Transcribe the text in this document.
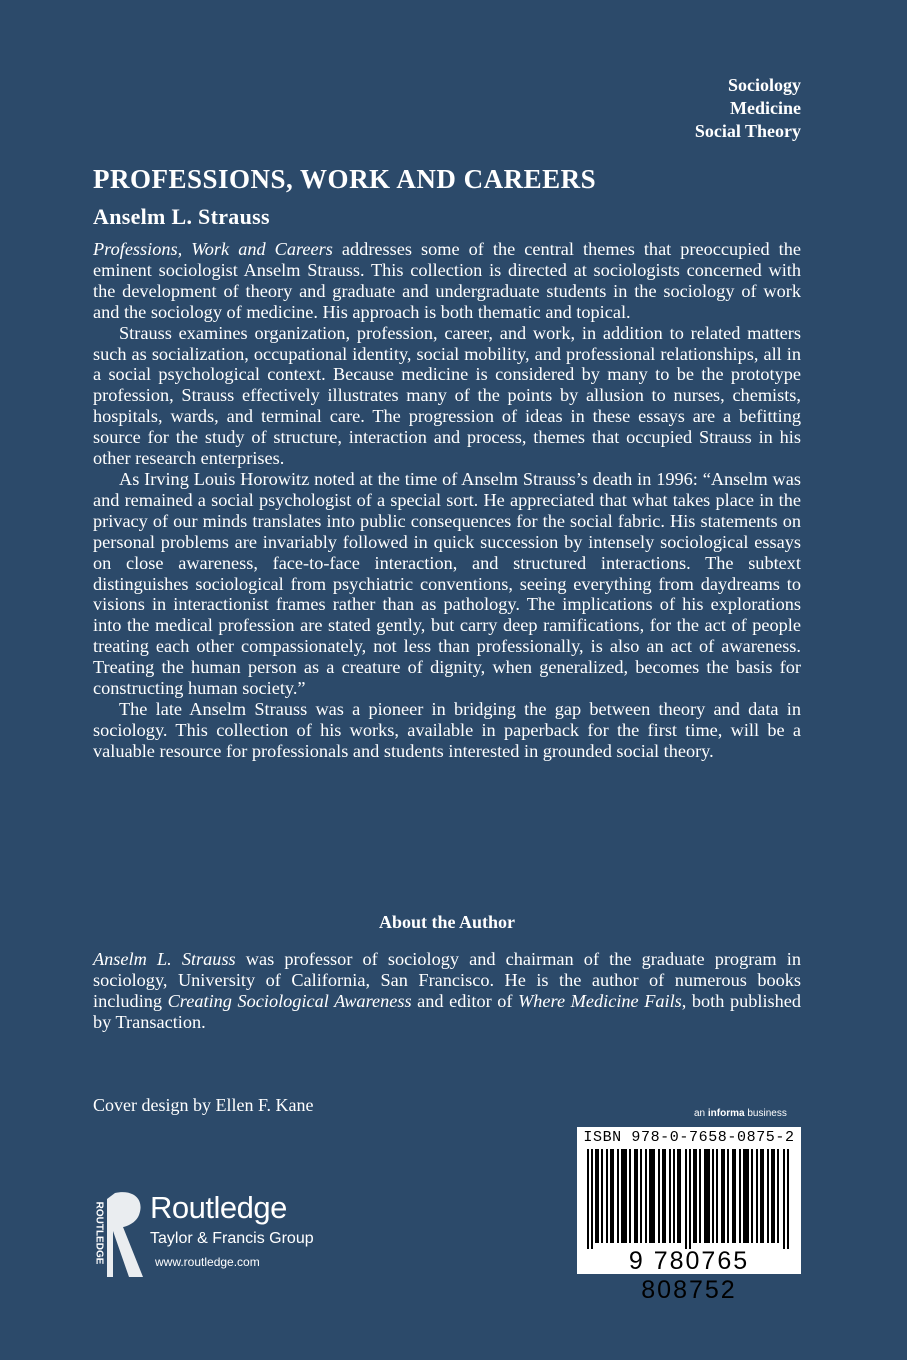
Sociology
Medicine
Social Theory
PROFESSIONS, WORK AND CAREERS
Anselm L. Strauss

Professions, Work and Careers addresses some of the central themes that preoccupied the eminent sociologist Anselm Strauss. This collection is directed at sociologists concerned with the development of theory and graduate and undergraduate students in the sociology of work and the sociology of medicine. His approach is both thematic and topical.

Strauss examines organization, profession, career, and work, in addition to related matters such as socialization, occupational identity, social mobility, and professional relationships, all in a social psychological context. Because medicine is considered by many to be the prototype profession, Strauss effectively illustrates many of the points by allusion to nurses, chemists, hospitals, wards, and terminal care. The progression of ideas in these essays are a befitting source for the study of structure, interaction and process, themes that occupied Strauss in his other research enterprises.

As Irving Louis Horowitz noted at the time of Anselm Strauss’s death in 1996: “Anselm was and remained a social psychologist of a special sort. He appreciated that what takes place in the privacy of our minds translates into public consequences for the social fabric. His statements on personal problems are invariably followed in quick succession by intensely sociological essays on close awareness, face-to-face interaction, and structured interactions. The subtext distinguishes sociological from psychiatric conventions, seeing everything from daydreams to visions in interactionist frames rather than as pathology. The implications of his explorations into the medical profession are stated gently, but carry deep ramifications, for the act of people treating each other compassionately, not less than professionally, is also an act of awareness. Treating the human person as a creature of dignity, when generalized, becomes the basis for constructing human society.”

The late Anselm Strauss was a pioneer in bridging the gap between theory and data in sociology. This collection of his works, available in paperback for the first time, will be a valuable resource for professionals and students interested in grounded social theory.

About the Author

Anselm L. Strauss was professor of sociology and chairman of the graduate program in sociology, University of California, San Francisco. He is the author of numerous books including Creating Sociological Awareness and editor of Where Medicine Fails, both published by Transaction.

Cover design by Ellen F. Kane	an informa business
ISBN 978-0-7658-0875-2
9 780765 808752
Routledge
Taylor & Francis Group
www.routledge.com
ROUTLEDGE
